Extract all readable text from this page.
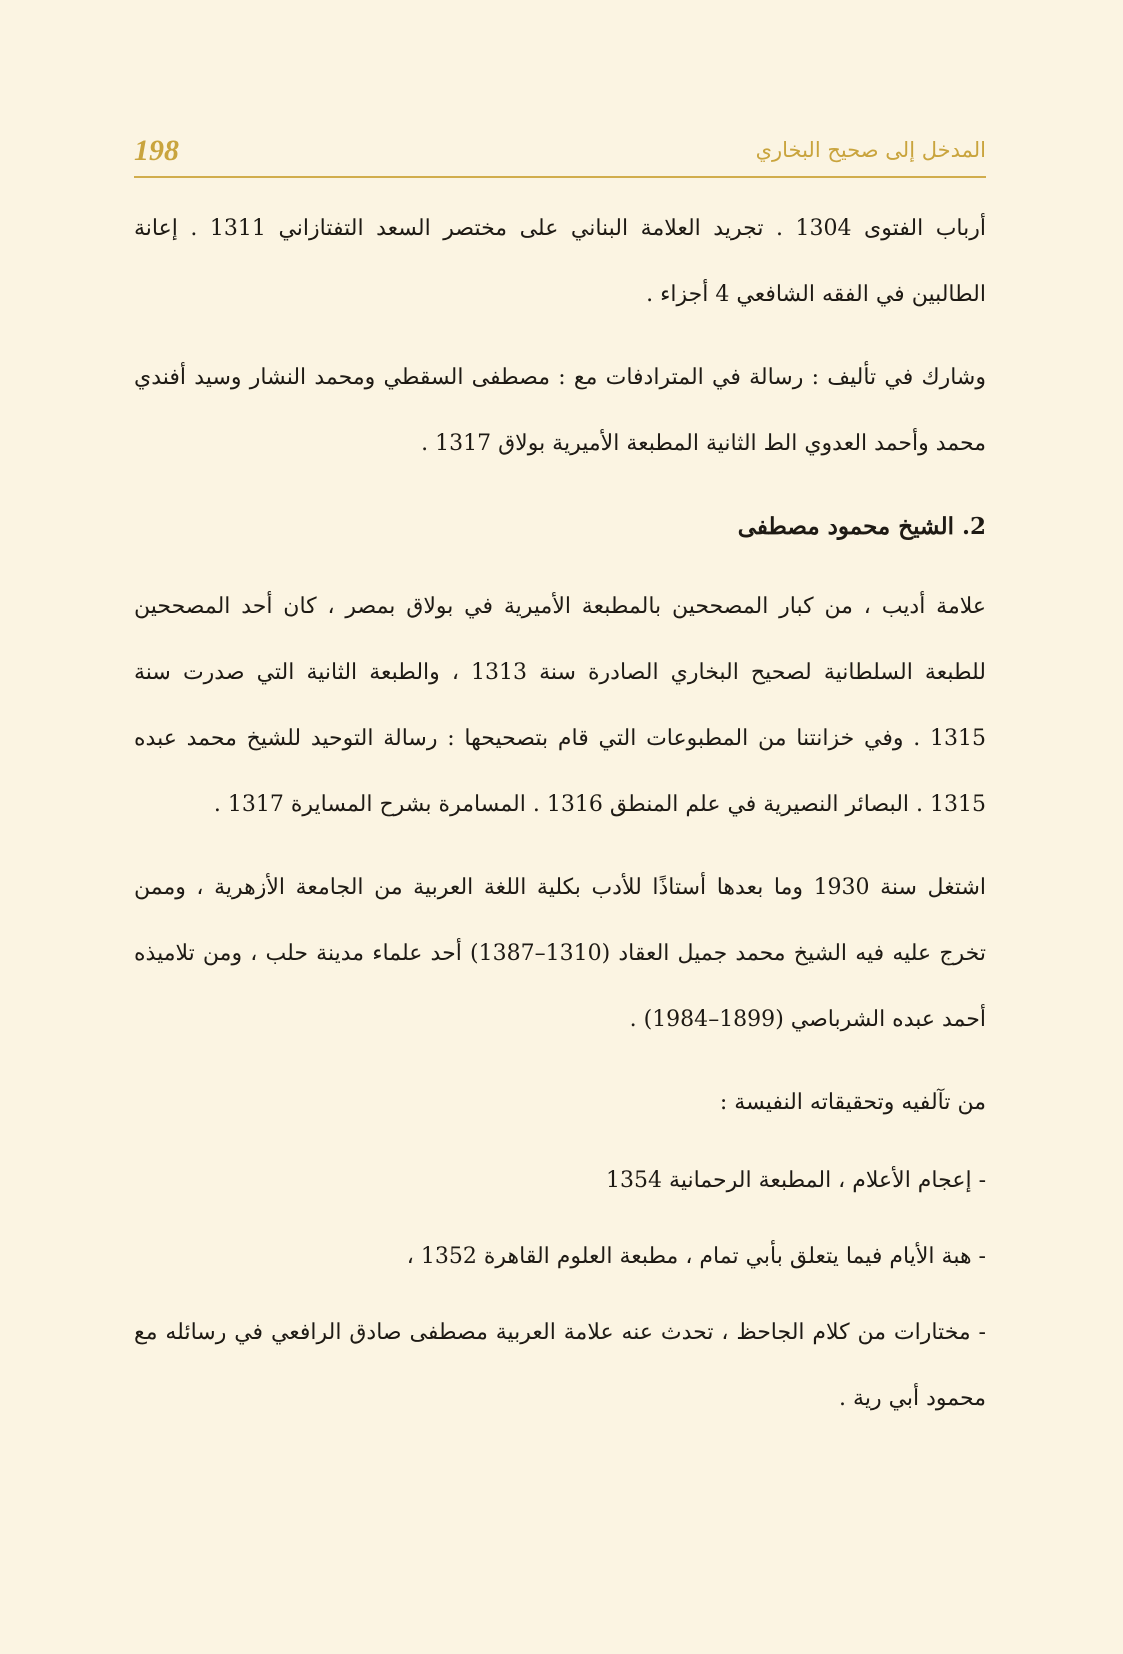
198	المدخل إلى صحيح البخاري

أرباب الفتوى 1304 . تجريد العلامة البناني على مختصر السعد التفتازاني 1311 . إعانة الطالبين في الفقه الشافعي 4 أجزاء .

وشارك في تأليف : رسالة في المترادفات مع : مصطفى السقطي ومحمد النشار وسيد أفندي محمد وأحمد العدوي الط الثانية المطبعة الأميرية بولاق 1317 .

2. الشيخ محمود مصطفى

علامة أديب ، من كبار المصححين بالمطبعة الأميرية في بولاق بمصر ، كان أحد المصححين للطبعة السلطانية لصحيح البخاري الصادرة سنة 1313 ، والطبعة الثانية التي صدرت سنة 1315 . وفي خزانتنا من المطبوعات التي قام بتصحيحها : رسالة التوحيد للشيخ محمد عبده 1315 . البصائر النصيرية في علم المنطق 1316 . المسامرة بشرح المسايرة 1317 .

اشتغل سنة 1930 وما بعدها أستاذًا للأدب بكلية اللغة العربية من الجامعة الأزهرية ، وممن تخرج عليه فيه الشيخ محمد جميل العقاد (1310–1387) أحد علماء مدينة حلب ، ومن تلاميذه أحمد عبده الشرباصي (1899–1984) .

من تآلفيه وتحقيقاته النفيسة :

- إعجام الأعلام ، المطبعة الرحمانية 1354

- هبة الأيام فيما يتعلق بأبي تمام ، مطبعة العلوم القاهرة 1352 ،

- مختارات من كلام الجاحظ ، تحدث عنه علامة العربية مصطفى صادق الرافعي في رسائله مع محمود أبي رية .
